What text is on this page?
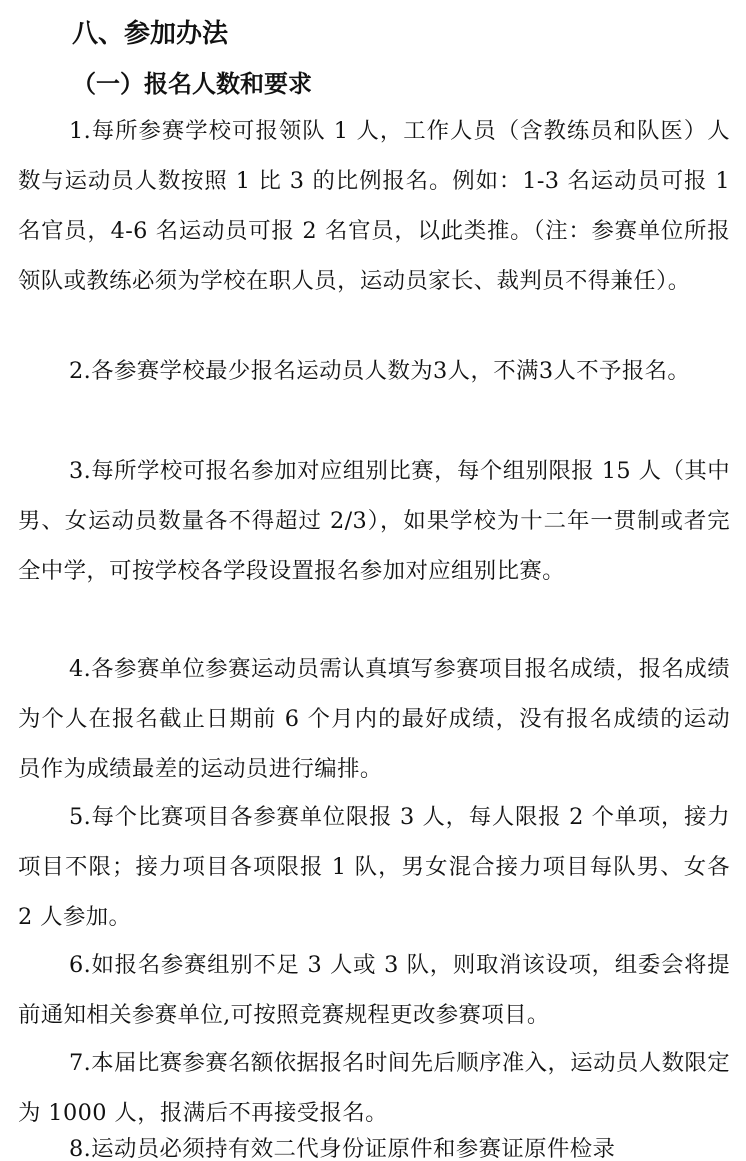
八、参加办法
（一）报名人数和要求

1.每所参赛学校可报领队 1 人，工作人员（含教练员和队医）人数与运动员人数按照 1 比 3 的比例报名。例如：1-3 名运动员可报 1 名官员，4-6 名运动员可报 2 名官员，以此类推。（注：参赛单位所报领队或教练必须为学校在职人员，运动员家长、裁判员不得兼任）。

2.各参赛学校最少报名运动员人数为3人，不满3人不予报名。

3.每所学校可报名参加对应组别比赛，每个组别限报 15 人（其中男、女运动员数量各不得超过 2/3），如果学校为十二年一贯制或者完全中学，可按学校各学段设置报名参加对应组别比赛。

4.各参赛单位参赛运动员需认真填写参赛项目报名成绩，报名成绩为个人在报名截止日期前 6 个月内的最好成绩，没有报名成绩的运动员作为成绩最差的运动员进行编排。

5.每个比赛项目各参赛单位限报 3 人，每人限报 2 个单项，接力项目不限；接力项目各项限报 1 队，男女混合接力项目每队男、女各 2 人参加。

6.如报名参赛组别不足 3 人或 3 队，则取消该设项，组委会将提前通知相关参赛单位,可按照竞赛规程更改参赛项目。

7.本届比赛参赛名额依据报名时间先后顺序准入，运动员人数限定为 1000 人，报满后不再接受报名。

8.运动员必须持有效二代身份证原件和参赛证原件检录
